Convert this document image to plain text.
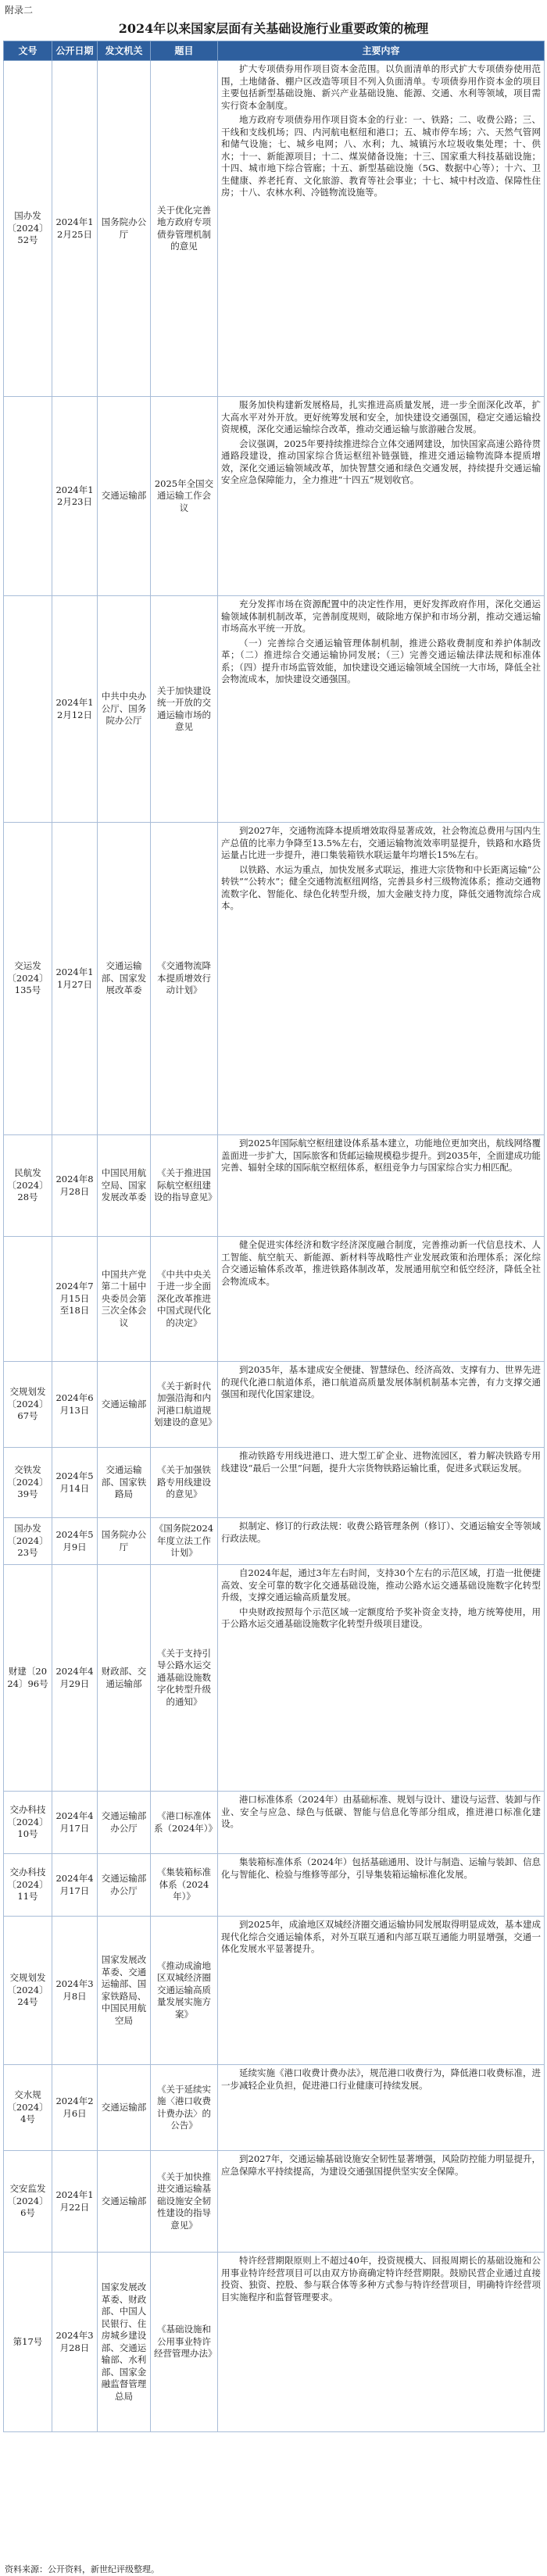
附录二
2024年以来国家层面有关基础设施行业重要政策的梳理
文号	公开日期	发文机关	题目	主要内容
国办发〔2024〕52号	2024年12月25日	国务院办公厅	关于优化完善地方政府专项债券管理机制的意见	扩大专项债券用作项目资本金范围。以负面清单的形式扩大专项债券使用范围，土地储备、棚户区改造等项目不列入负面清单。专项债券用作资本金的项目主要包括新型基础设施、新兴产业基础设施、能源、交通、水利等领域，项目需实行资本金制度。

地方政府专项债券用作项目资本金的行业：一、铁路；二、收费公路；三、干线和支线机场；四、内河航电枢纽和港口；五、城市停车场；六、天然气管网和储气设施；七、城乡电网；八、水利；九、城镇污水垃圾收集处理；十、供水；十一、新能源项目；十二、煤炭储备设施；十三、国家重大科技基础设施；十四、城市地下综合管廊；十五、新型基础设施（5G、数据中心等）；十六、卫生健康、养老托育、文化旅游、教育等社会事业；十七、城中村改造、保障性住房；十八、农林水利、冷链物流设施等。

	2024年12月23日	交通运输部	2025年全国交通运输工作会议	服务加快构建新发展格局，扎实推进高质量发展，进一步全面深化改革，扩大高水平对外开放。更好统筹发展和安全，加快建设交通强国，稳定交通运输投资规模，深化交通运输综合改革，推动交通运输与旅游融合发展。

会议强调，2025年要持续推进综合立体交通网建设，加快国家高速公路待贯通路段建设，推动国家综合货运枢纽补链强链，推进交通运输物流降本提质增效，深化交通运输领域改革，加快智慧交通和绿色交通发展，持续提升交通运输安全应急保障能力，全力推进“十四五”规划收官。

	2024年12月12日	中共中央办公厅、国务院办公厅	关于加快建设统一开放的交通运输市场的意见	充分发挥市场在资源配置中的决定性作用，更好发挥政府作用，深化交通运输领域体制机制改革，完善制度规则，破除地方保护和市场分割，推动交通运输市场高水平统一开放。

（一）完善综合交通运输管理体制机制，推进公路收费制度和养护体制改革；（二）推进综合交通运输协同发展；（三）完善交通运输法律法规和标准体系；（四）提升市场监管效能，加快建设交通运输领域全国统一大市场，降低全社会物流成本，加快建设交通强国。

交运发〔2024〕135号	2024年11月27日	交通运输部、国家发展改革委	《交通物流降本提质增效行动计划》	到2027年，交通物流降本提质增效取得显著成效，社会物流总费用与国内生产总值的比率力争降至13.5%左右，交通运输物流效率明显提升，铁路和水路货运量占比进一步提升，港口集装箱铁水联运量年均增长15%左右。

以铁路、水运为重点，加快发展多式联运，推进大宗货物和中长距离运输“公转铁”“公转水”；健全交通物流枢纽网络，完善县乡村三级物流体系；推动交通物流数字化、智能化、绿色化转型升级，加大金融支持力度，降低交通物流综合成本。

民航发〔2024〕28号	2024年8月28日	中国民用航空局、国家发展改革委	《关于推进国际航空枢纽建设的指导意见》	到2025年国际航空枢纽建设体系基本建立，功能地位更加突出，航线网络覆盖面进一步扩大，国际旅客和货邮运输规模稳步提升。到2035年，全面建成功能完善、辐射全球的国际航空枢纽体系，枢纽竞争力与国家综合实力相匹配。

	2024年7月15日至18日	中国共产党第二十届中央委员会第三次全体会议	《中共中央关于进一步全面深化改革推进中国式现代化的决定》	健全促进实体经济和数字经济深度融合制度，完善推动新一代信息技术、人工智能、航空航天、新能源、新材料等战略性产业发展政策和治理体系；深化综合交通运输体系改革，推进铁路体制改革，发展通用航空和低空经济，降低全社会物流成本。

交规划发〔2024〕67号	2024年6月13日	交通运输部	《关于新时代加强沿海和内河港口航道规划建设的意见》	到2035年，基本建成安全便捷、智慧绿色、经济高效、支撑有力、世界先进的现代化港口航道体系，港口航道高质量发展体制机制基本完善，有力支撑交通强国和现代化国家建设。

交铁发〔2024〕39号	2024年5月14日	交通运输部、国家铁路局	《关于加强铁路专用线建设的意见》	推动铁路专用线进港口、进大型工矿企业、进物流园区，着力解决铁路专用线建设“最后一公里”问题，提升大宗货物铁路运输比重，促进多式联运发展。

国办发〔2024〕23号	2024年5月9日	国务院办公厅	《国务院2024年度立法工作计划》	拟制定、修订的行政法规：收费公路管理条例（修订）、交通运输安全等领域行政法规。

财建〔2024〕96号	2024年4月29日	财政部、交通运输部	《关于支持引导公路水运交通基础设施数字化转型升级的通知》	自2024年起，通过3年左右时间，支持30个左右的示范区域，打造一批便捷高效、安全可靠的数字化交通基础设施，推动公路水运交通基础设施数字化转型升级，支撑交通运输高质量发展。

中央财政按照每个示范区域一定额度给予奖补资金支持，地方统筹使用，用于公路水运交通基础设施数字化转型升级项目建设。

交办科技〔2024〕10号	2024年4月17日	交通运输部办公厅	《港口标准体系（2024年）》	港口标准体系（2024年）由基础标准、规划与设计、建设与运营、装卸与作业、安全与应急、绿色与低碳、智能与信息化等部分组成，推进港口标准化建设。

交办科技〔2024〕11号	2024年4月17日	交通运输部办公厅	《集装箱标准体系（2024年）》	集装箱标准体系（2024年）包括基础通用、设计与制造、运输与装卸、信息化与智能化、检验与维修等部分，引导集装箱运输标准化发展。

交规划发〔2024〕24号	2024年3月8日	国家发展改革委、交通运输部、国家铁路局、中国民用航空局	《推动成渝地区双城经济圈交通运输高质量发展实施方案》	到2025年，成渝地区双城经济圈交通运输协同发展取得明显成效，基本建成现代化综合交通运输体系，对外互联互通和内部互联互通能力明显增强，交通一体化发展水平显著提升。

交水规〔2024〕4号	2024年2月6日	交通运输部	《关于延续实施〈港口收费计费办法〉的公告》	延续实施《港口收费计费办法》，规范港口收费行为，降低港口收费标准，进一步减轻企业负担，促进港口行业健康可持续发展。

交安监发〔2024〕6号	2024年1月22日	交通运输部	《关于加快推进交通运输基础设施安全韧性建设的指导意见》	到2027年，交通运输基础设施安全韧性显著增强，风险防控能力明显提升，应急保障水平持续提高，为建设交通强国提供坚实安全保障。

第17号	2024年3月28日	国家发展改革委、财政部、中国人民银行、住房城乡建设部、交通运输部、水利部、国家金融监督管理总局	《基础设施和公用事业特许经营管理办法》	特许经营期限原则上不超过40年，投资规模大、回报周期长的基础设施和公用事业特许经营项目可以由双方协商确定特许经营期限。鼓励民营企业通过直接投资、独资、控股、参与联合体等多种方式参与特许经营项目，明确特许经营项目实施程序和监督管理要求。

资料来源：公开资料，新世纪评级整理。
